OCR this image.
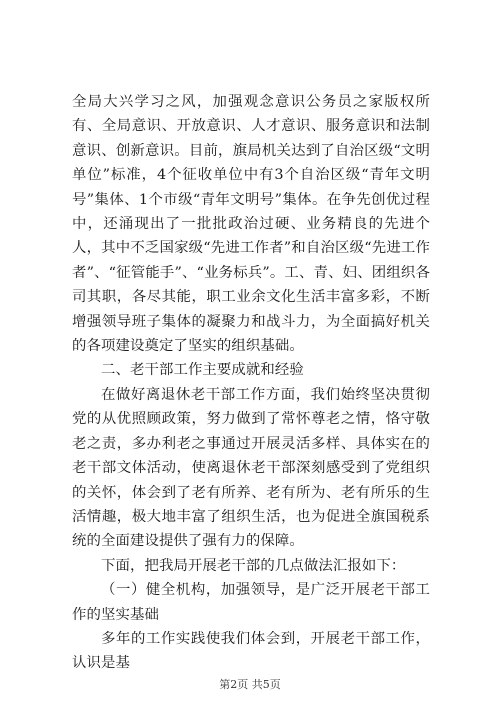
全局大兴学习之风，加强观念意识公务员之家版权所有、全局意识、开放意识、人才意识、服务意识和法制意识、创新意识。目前，旗局机关达到了自治区级“文明单位”标准，4个征收单位中有3个自治区级“青年文明号”集体、1个市级“青年文明号”集体。在争先创优过程中，还涌现出了一批批政治过硬、业务精良的先进个人，其中不乏国家级“先进工作者”和自治区级“先进工作者”、“征管能手”、“业务标兵”。工、青、妇、团组织各司其职，各尽其能，职工业余文化生活丰富多彩，不断增强领导班子集体的凝聚力和战斗力，为全面搞好机关的各项建设奠定了坚实的组织基础。

二、老干部工作主要成就和经验

在做好离退休老干部工作方面，我们始终坚决贯彻党的从优照顾政策，努力做到了常怀尊老之情，恪守敬老之责，多办利老之事通过开展灵活多样、具体实在的老干部文体活动，使离退休老干部深刻感受到了党组织的关怀，体会到了老有所养、老有所为、老有所乐的生活情趣，极大地丰富了组织生活，也为促进全旗国税系统的全面建设提供了强有力的保障。

下面，把我局开展老干部的几点做法汇报如下：

（一）健全机构，加强领导，是广泛开展老干部工作的坚实基础

多年的工作实践使我们体会到，开展老干部工作，认识是基

第2页 共5页
